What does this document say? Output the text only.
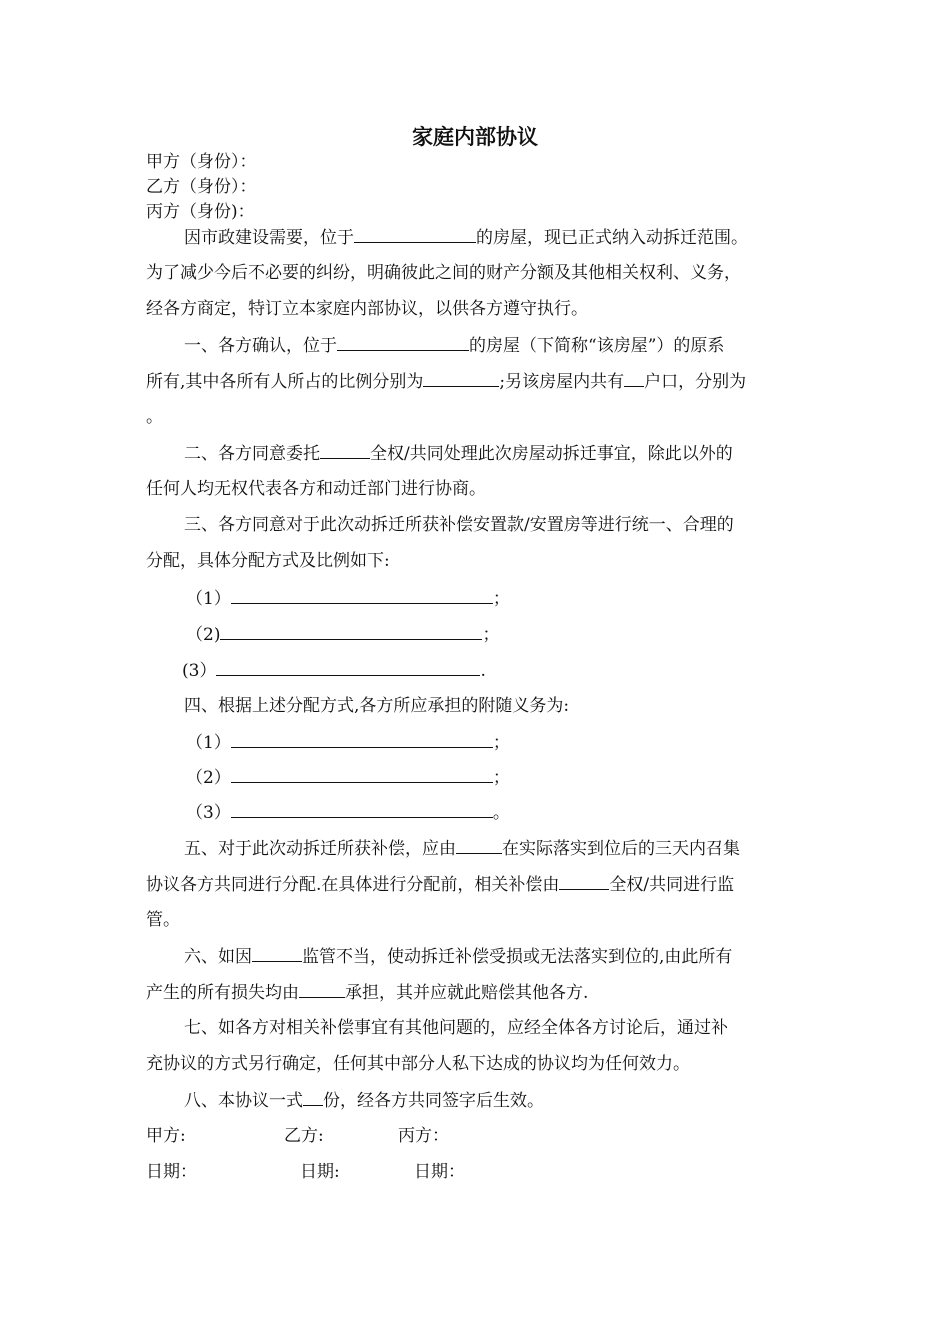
家庭内部协议
甲方（身份）：
乙方（身份）：
丙方（身份)：
因市政建设需要，位于	的房屋，现已正式纳入动拆迁范围。
为了减少今后不必要的纠纷，明确彼此之间的财产分额及其他相关权利、义务，
经各方商定，特订立本家庭内部协议，以供各方遵守执行。
一、各方确认，位于	的房屋（下简称“该房屋”）的原系
所有,其中各所有人所占的比例分别为	;另该房屋内共有 户口，分别为
。
二、各方同意委托	全权/共同处理此次房屋动拆迁事宜，除此以外的
任何人均无权代表各方和动迁部门进行协商。
三、各方同意对于此次动拆迁所获补偿安置款/安置房等进行统一、合理的
分配，具体分配方式及比例如下:
（1）	；
（2)	；
(3）	.
四、根据上述分配方式,各方所应承担的附随义务为:
（1）	；
（2）	；
（3）	。
五、对于此次动拆迁所获补偿，应由	在实际落实到位后的三天内召集
协议各方共同进行分配.在具体进行分配前，相关补偿由	全权/共同进行监
管。
六、如因	监管不当，使动拆迁补偿受损或无法落实到位的,由此所有
产生的所有损失均由	承担，其并应就此赔偿其他各方.
七、如各方对相关补偿事宜有其他问题的，应经全体各方讨论后，通过补
充协议的方式另行确定，任何其中部分人私下达成的协议均为任何效力。
八、本协议一式 份，经各方共同签字后生效。
甲方:	乙方:	丙方：
日期：	日期:	日期：
